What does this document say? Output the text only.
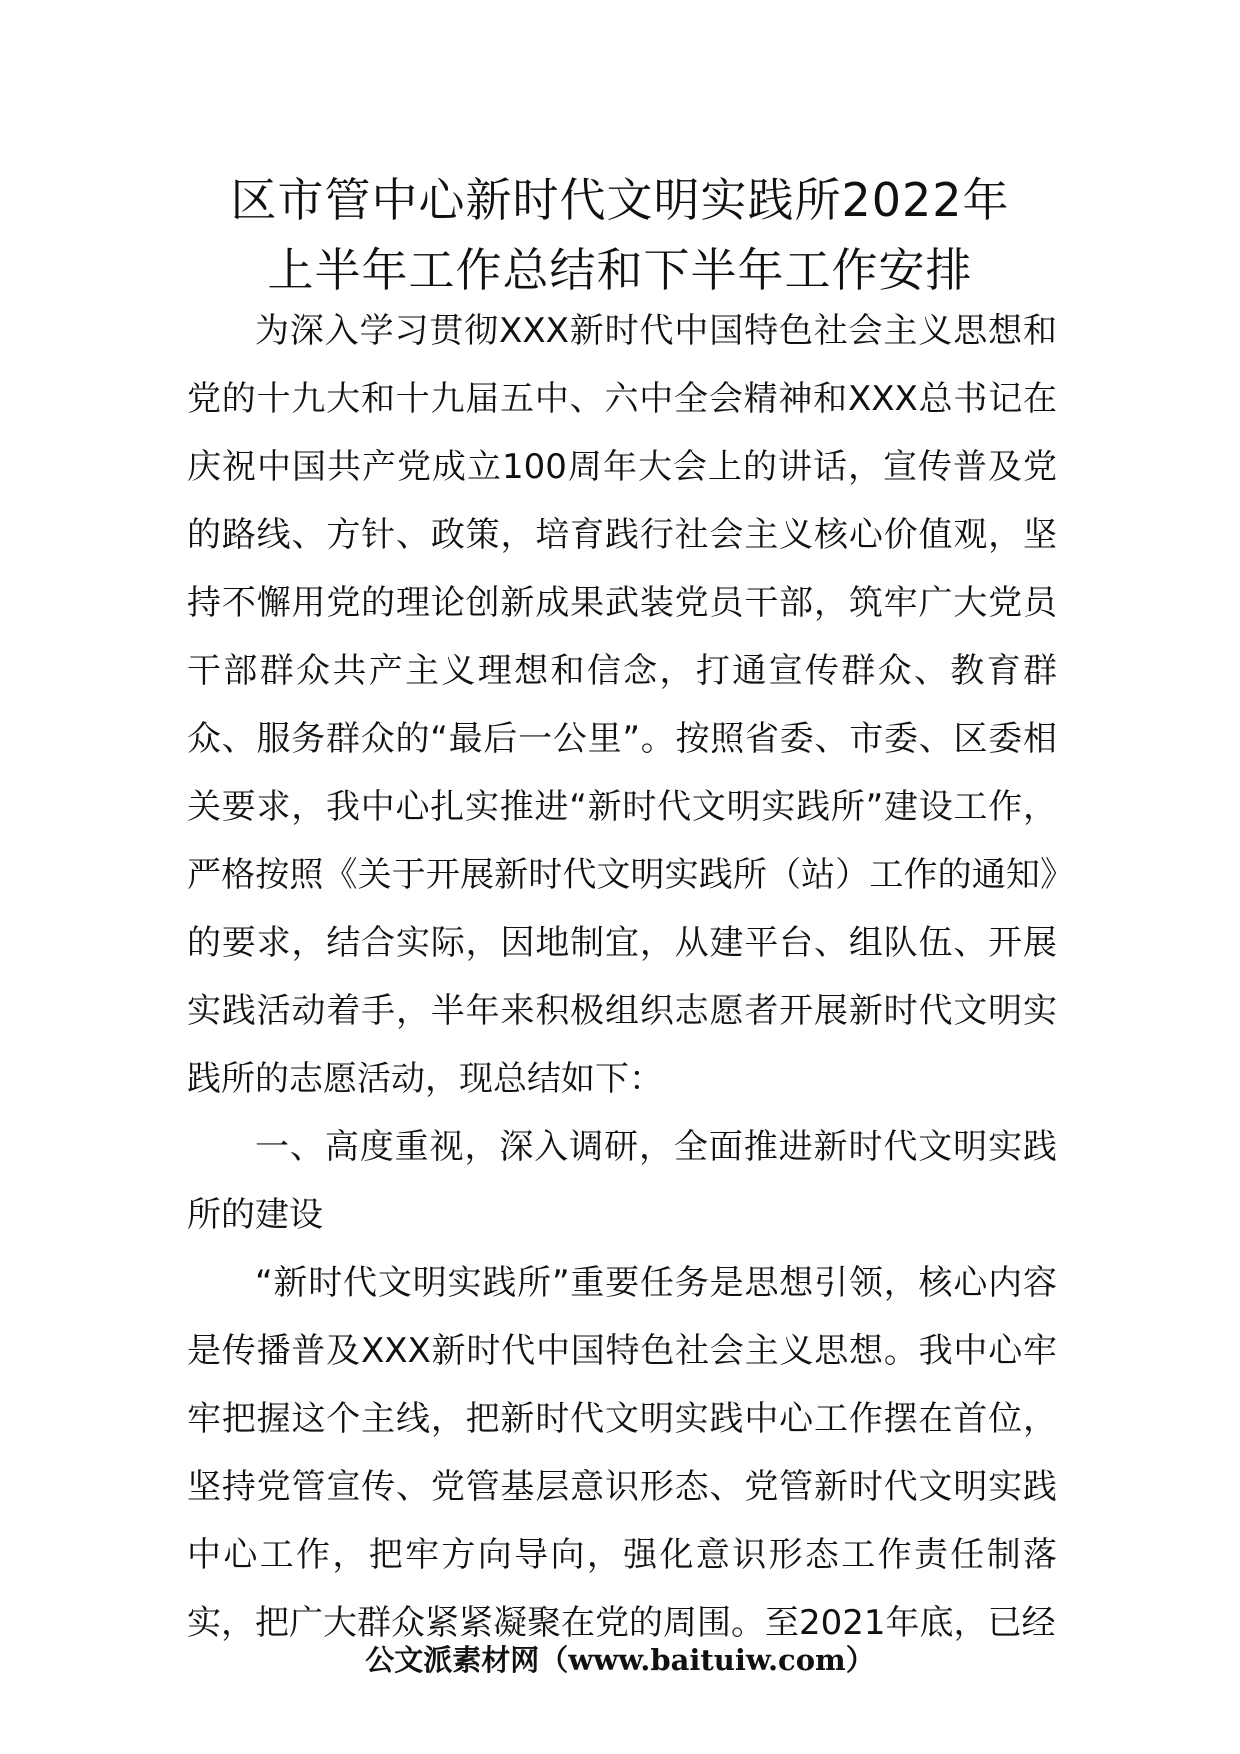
区市管中心新时代文明实践所2022年
上半年工作总结和下半年工作安排

为深入学习贯彻XXX新时代中国特色社会主义思想和党的十九大和十九届五中、六中全会精神和XXX总书记在庆祝中国共产党成立100周年大会上的讲话，宣传普及党的路线、方针、政策，培育践行社会主义核心价值观，坚持不懈用党的理论创新成果武装党员干部，筑牢广大党员干部群众共产主义理想和信念，打通宣传群众、教育群众、服务群众的“最后一公里”。按照省委、市委、区委相关要求，我中心扎实推进“新时代文明实践所”建设工作，严格按照《关于开展新时代文明实践所（站）工作的通知》的要求，结合实际，因地制宜，从建平台、组队伍、开展实践活动着手，半年来积极组织志愿者开展新时代文明实践所的志愿活动，现总结如下：

一、高度重视，深入调研，全面推进新时代文明实践所的建设

“新时代文明实践所”重要任务是思想引领，核心内容是传播普及XXX新时代中国特色社会主义思想。我中心牢牢把握这个主线，把新时代文明实践中心工作摆在首位，坚持党管宣传、党管基层意识形态、党管新时代文明实践中心工作，把牢方向导向，强化意识形态工作责任制落实，把广大群众紧紧凝聚在党的周围。至2021年底，已经

公文派素材网（www.baituiw.com）
